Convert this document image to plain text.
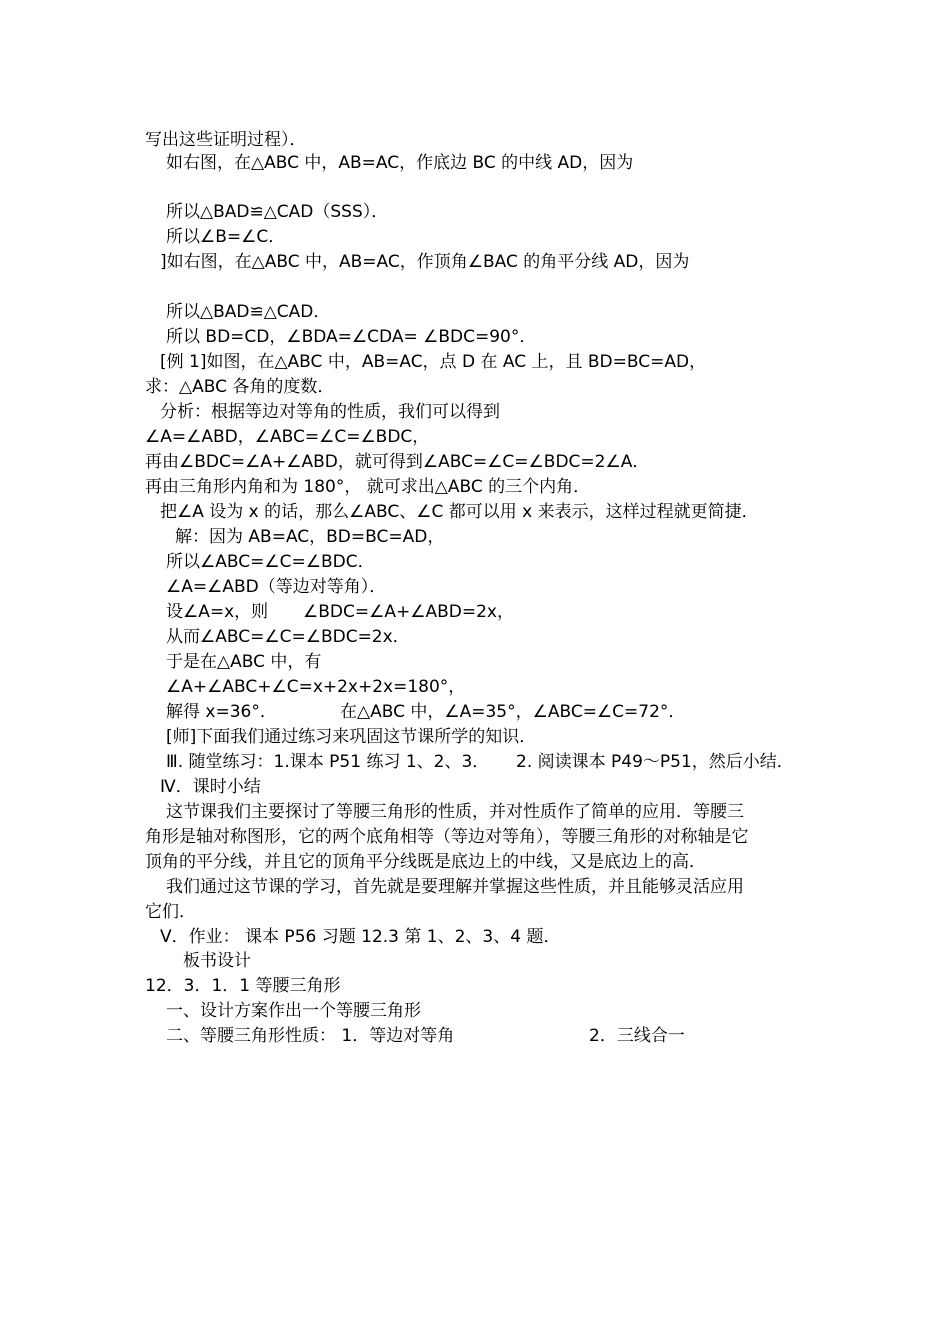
写出这些证明过程）．
如右图，在△ABC 中，AB=AC，作底边 BC 的中线 AD，因为
所以△BAD≌△CAD（SSS）．
所以∠B=∠C．
]如右图，在△ABC 中，AB=AC，作顶角∠BAC 的角平分线 AD，因为
所以△BAD≌△CAD．
所以 BD=CD，∠BDA=∠CDA= ∠BDC=90°．
[例 1]如图，在△ABC 中，AB=AC，点 D 在 AC 上，且 BD=BC=AD，
求：△ABC 各角的度数．
分析：根据等边对等角的性质，我们可以得到
∠A=∠ABD，∠ABC=∠C=∠BDC，
再由∠BDC=∠A+∠ABD，就可得到∠ABC=∠C=∠BDC=2∠A．
再由三角形内角和为 180°， 就可求出△ABC 的三个内角．
把∠A 设为 x 的话，那么∠ABC、∠C 都可以用 x 来表示，这样过程就更简捷．
解：因为 AB=AC，BD=BC=AD，
所以∠ABC=∠C=∠BDC．
∠A=∠ABD（等边对等角）．
设∠A=x，则 ∠BDC=∠A+∠ABD=2x，
从而∠ABC=∠C=∠BDC=2x．
于是在△ABC 中，有
∠A+∠ABC+∠C=x+2x+2x=180°，
解得 x=36°．	在△ABC 中，∠A=35°，∠ABC=∠C=72°．
[师]下面我们通过练习来巩固这节课所学的知识．
Ⅲ. 随堂练习：1.课本 P51 练习 1、2、3． 2. 阅读课本 P49～P51，然后小结．
Ⅳ．课时小结
这节课我们主要探讨了等腰三角形的性质，并对性质作了简单的应用．等腰三
角形是轴对称图形，它的两个底角相等（等边对等角），等腰三角形的对称轴是它
顶角的平分线，并且它的顶角平分线既是底边上的中线，又是底边上的高．
我们通过这节课的学习，首先就是要理解并掌握这些性质，并且能够灵活应用
它们．
Ⅴ．作业： 课本 P56 习题 12.3 第 1、2、3、4 题．
板书设计
12．3．1．1 等腰三角形
一、设计方案作出一个等腰三角形
二、等腰三角形性质： 1．等边对等角	2．三线合一
